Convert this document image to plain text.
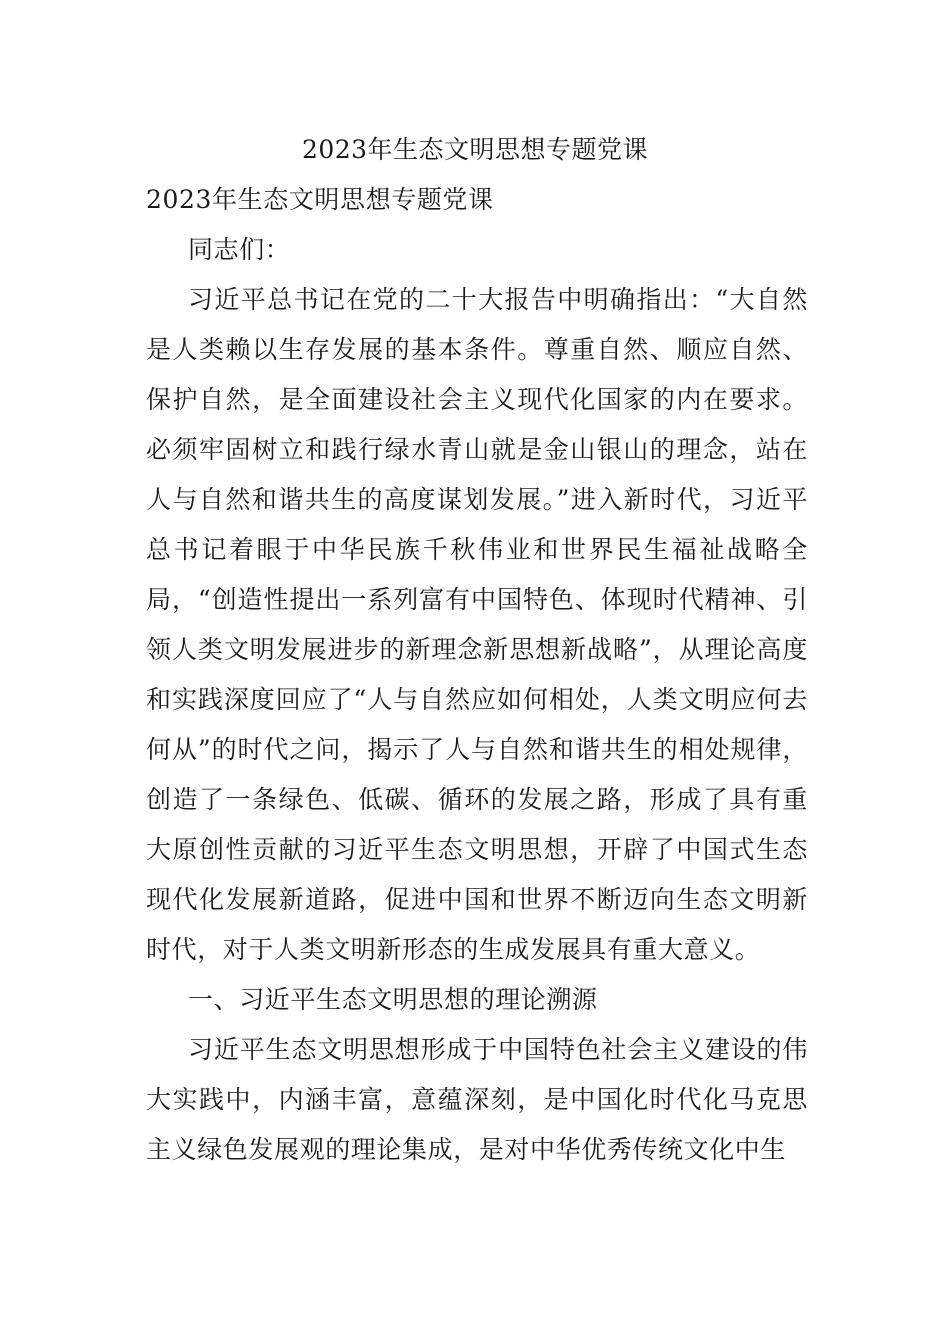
2023年生态文明思想专题党课

2023年生态文明思想专题党课

同志们：

习近平总书记在党的二十大报告中明确指出：“大自然是人类赖以生存发展的基本条件。尊重自然、顺应自然、保护自然，是全面建设社会主义现代化国家的内在要求。必须牢固树立和践行绿水青山就是金山银山的理念，站在人与自然和谐共生的高度谋划发展。”进入新时代，习近平总书记着眼于中华民族千秋伟业和世界民生福祉战略全局，“创造性提出一系列富有中国特色、体现时代精神、引领人类文明发展进步的新理念新思想新战略”，从理论高度和实践深度回应了“人与自然应如何相处，人类文明应何去何从”的时代之问，揭示了人与自然和谐共生的相处规律，创造了一条绿色、低碳、循环的发展之路，形成了具有重大原创性贡献的习近平生态文明思想，开辟了中国式生态现代化发展新道路，促进中国和世界不断迈向生态文明新时代，对于人类文明新形态的生成发展具有重大意义。

一、习近平生态文明思想的理论溯源

习近平生态文明思想形成于中国特色社会主义建设的伟大实践中，内涵丰富，意蕴深刻，是中国化时代化马克思主义绿色发展观的理论集成，是对中华优秀传统文化中生
